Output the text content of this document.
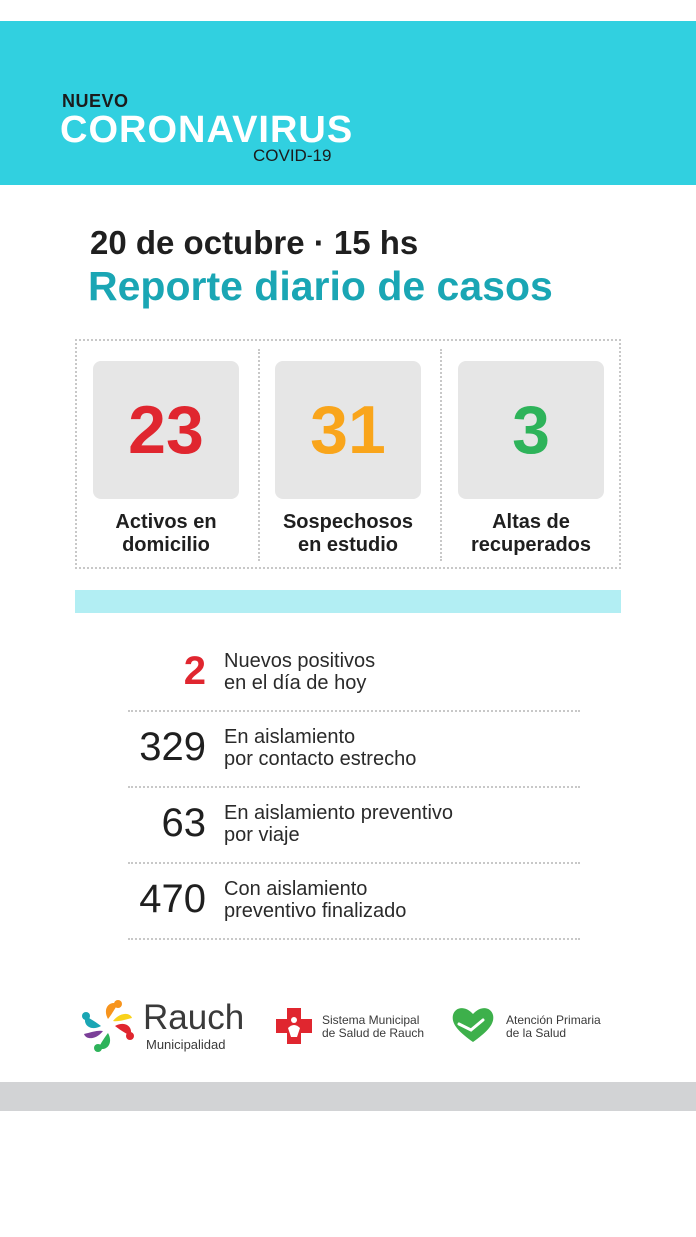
NUEVO
CORONAVIRUS
COVID-19
20 de octubre · 15 hs
Reporte diario de casos
23
Activos en
domicilio
31
Sospechosos
en estudio
3
Altas de
recuperados
2 Nuevos positivos
en el día de hoy
329 En aislamiento
por contacto estrecho
63 En aislamiento preventivo
por viaje
470 Con aislamiento
preventivo finalizado
Rauch
Municipalidad
Sistema Municipal
de Salud de Rauch
Atención Primaria
de la Salud
